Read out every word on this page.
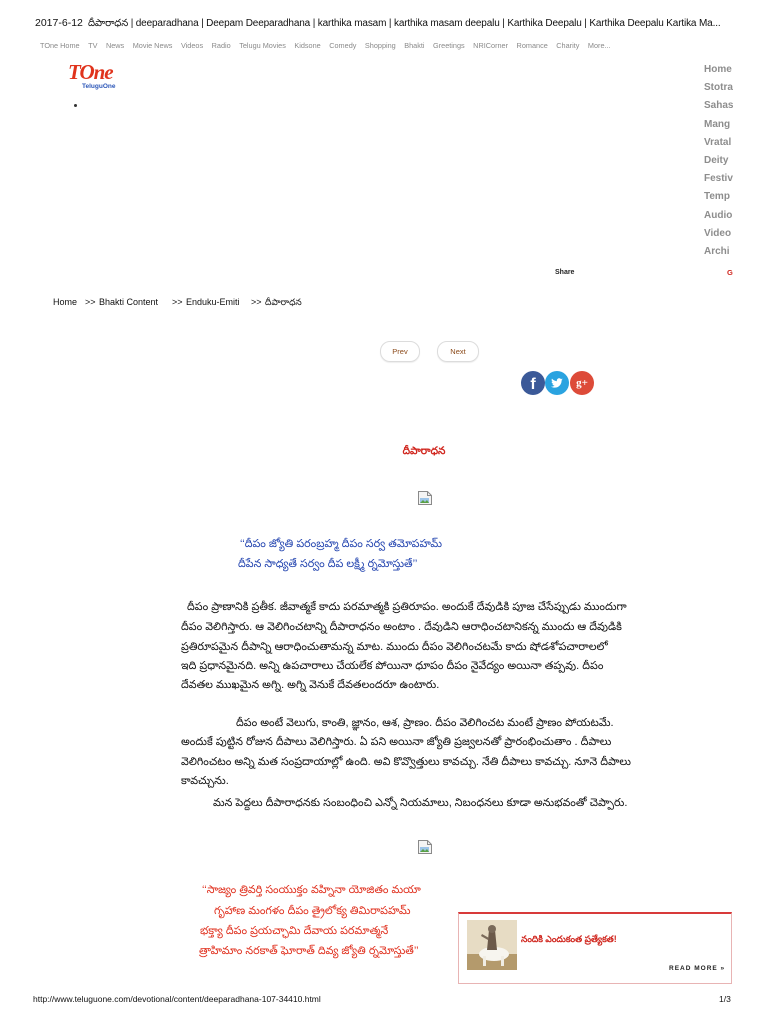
2017-6-12 దీపారాధన | deeparadhana | Deepam Deeparadhana | karthika masam | karthika masam deepalu | Karthika Deepalu | Karthika Deepalu Kartika Ma...
TOne Home TV News Movie News Videos Radio Telugu Movies Kidsone Comedy Shopping Bhakti Greetings NRICorner Romance Charity More...
TOne
TeluguOne
Home
Stotra
Sahas
Mang
Vratal
Deity
Festiv
Temp
Audio
Video
Archi
Share	G
Home >> Bhakti Content >> Enduku-Emiti >> దీపారాధన
Prev	Next
f	g+
దీపారాధన
‘‘దీపం జ్యోతి పరంబ్రహ్మ దీపం సర్వ తమోపహమ్
దీపేన సాధ్యతే సర్వం దీప లక్ష్మీ ర్నమోస్తుతే’’
దీపం ప్రాణానికి ప్రతీక. జీవాత్మకే కాదు పరమాత్మకి ప్రతిరూపం. అందుకే దేవుడికి పూజ చేసేప్పుడు ముందుగా
దీపం వెలిగిస్తారు. ఆ వెలిగించటాన్ని దీపారాధనం అంటాం . దేవుడిని ఆరాధించటానికన్న ముందు ఆ దేవుడికి
ప్రతిరూపమైన దీపాన్ని ఆరాధించుతామన్న మాట. ముందు దీపం వెలిగించటమే కాదు షోడశోపచారాలలో
ఇది ప్రధానమైనది. అన్ని ఉపచారాలు చేయలేక పోయినా ధూపం దీపం నైవేద్యం అయినా తప్పవు. దీపం
దేవతల ముఖమైన అగ్ని. అగ్ని వెనుకే దేవతలందరూ ఉంటారు.
దీపం అంటే వెలుగు, కాంతి, జ్ఞానం, ఆశ, ప్రాణం. దీపం వెలిగించట మంటే ప్రాణం పోయటమే.
అందుకే పుట్టిన రోజున దీపాలు వెలిగిస్తారు. ఏ పని అయినా జ్యోతి ప్రజ్వలనతో ప్రారంభించుతాం . దీపాలు
వెలిగించటం అన్ని మత సంప్రదాయాల్లో ఉంది. అవి కొవ్వొత్తులు కావచ్చు. నేతి దీపాలు కావచ్చు. నూనె దీపాలు
కావచ్చును.
మన పెద్దలు దీపారాధనకు సంబంధించి ఎన్నో నియమాలు, నిబంధనలు కూడా అనుభవంతో చెప్పారు.
‘‘సాజ్యం త్రివర్తి సంయుక్తం వహ్నినా యోజితం మయా
గృహాణ మంగళం దీపం త్రైలోక్య తిమిరాపహమ్
భక్త్యా దీపం ప్రయచ్ఛామి దేవాయ పరమాత్మనే
త్రాహిమాం నరకాత్ ఘోరాత్ దివ్య జ్యోతి ర్నమోస్తుతే’’
నందికి ఎందుకంత ప్రత్యేకత!
READ MORE »
http://www.teluguone.com/devotional/content/deeparadhana-107-34410.html	1/3
